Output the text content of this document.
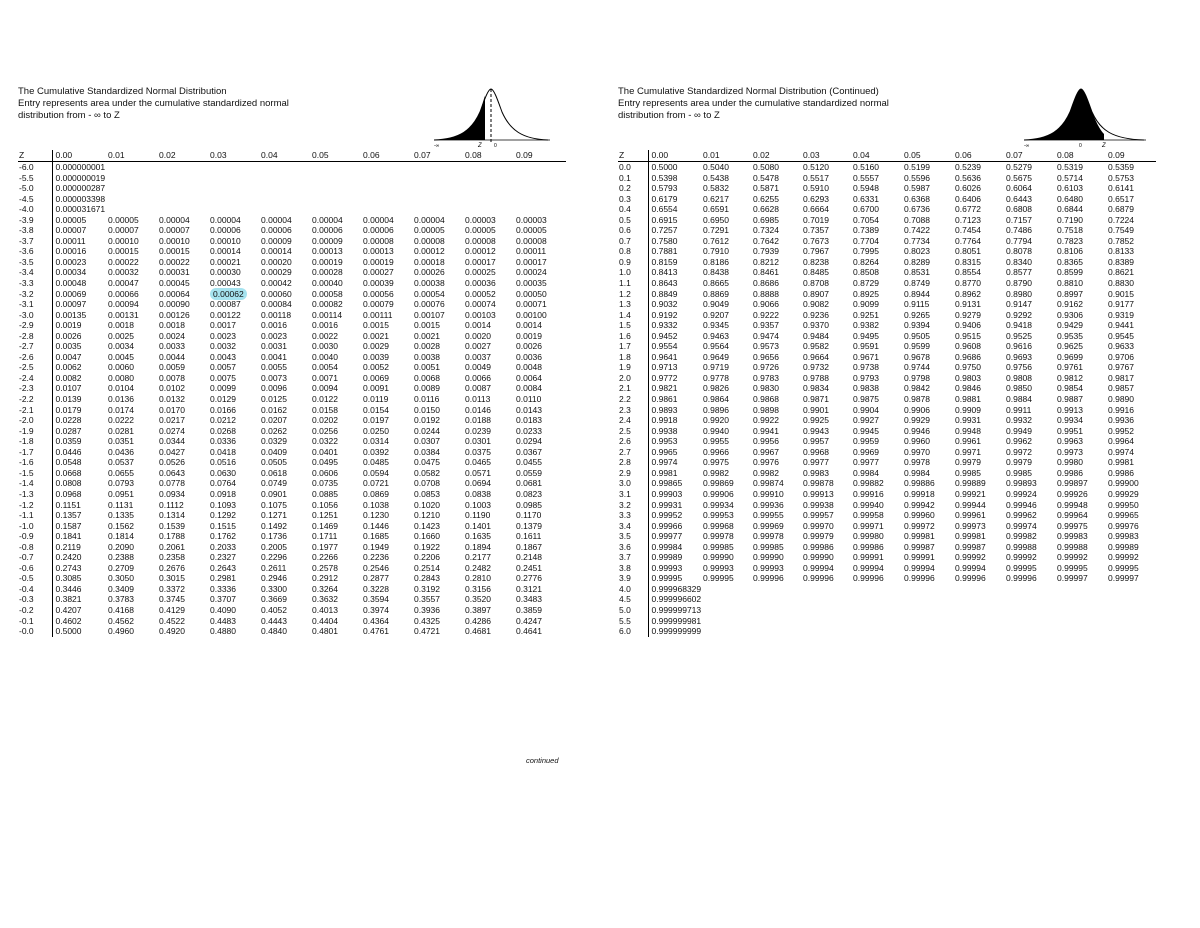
The Cumulative Standardized Normal Distribution
Entry represents area under the cumulative standardized normal
distribution from - ∞ to Z
-∞	Z 0
Z	0.00	0.01	0.02	0.03	0.04	0.05	0.06	0.07	0.08	0.09
-6.0	0.000000001									
-5.5	0.000000019									
-5.0	0.000000287									
-4.5	0.000003398									
-4.0	0.000031671									
-3.9	0.00005	0.00005	0.00004	0.00004	0.00004	0.00004	0.00004	0.00004	0.00003	0.00003
-3.8	0.00007	0.00007	0.00007	0.00006	0.00006	0.00006	0.00006	0.00005	0.00005	0.00005
-3.7	0.00011	0.00010	0.00010	0.00010	0.00009	0.00009	0.00008	0.00008	0.00008	0.00008
-3.6	0.00016	0.00015	0.00015	0.00014	0.00014	0.00013	0.00013	0.00012	0.00012	0.00011
-3.5	0.00023	0.00022	0.00022	0.00021	0.00020	0.00019	0.00019	0.00018	0.00017	0.00017
-3.4	0.00034	0.00032	0.00031	0.00030	0.00029	0.00028	0.00027	0.00026	0.00025	0.00024
-3.3	0.00048	0.00047	0.00045	0.00043	0.00042	0.00040	0.00039	0.00038	0.00036	0.00035
-3.2	0.00069	0.00066	0.00064	0.00062	0.00060	0.00058	0.00056	0.00054	0.00052	0.00050
-3.1	0.00097	0.00094	0.00090	0.00087	0.00084	0.00082	0.00079	0.00076	0.00074	0.00071
-3.0	0.00135	0.00131	0.00126	0.00122	0.00118	0.00114	0.00111	0.00107	0.00103	0.00100
-2.9	0.0019	0.0018	0.0018	0.0017	0.0016	0.0016	0.0015	0.0015	0.0014	0.0014
-2.8	0.0026	0.0025	0.0024	0.0023	0.0023	0.0022	0.0021	0.0021	0.0020	0.0019
-2.7	0.0035	0.0034	0.0033	0.0032	0.0031	0.0030	0.0029	0.0028	0.0027	0.0026
-2.6	0.0047	0.0045	0.0044	0.0043	0.0041	0.0040	0.0039	0.0038	0.0037	0.0036
-2.5	0.0062	0.0060	0.0059	0.0057	0.0055	0.0054	0.0052	0.0051	0.0049	0.0048
-2.4	0.0082	0.0080	0.0078	0.0075	0.0073	0.0071	0.0069	0.0068	0.0066	0.0064
-2.3	0.0107	0.0104	0.0102	0.0099	0.0096	0.0094	0.0091	0.0089	0.0087	0.0084
-2.2	0.0139	0.0136	0.0132	0.0129	0.0125	0.0122	0.0119	0.0116	0.0113	0.0110
-2.1	0.0179	0.0174	0.0170	0.0166	0.0162	0.0158	0.0154	0.0150	0.0146	0.0143
-2.0	0.0228	0.0222	0.0217	0.0212	0.0207	0.0202	0.0197	0.0192	0.0188	0.0183
-1.9	0.0287	0.0281	0.0274	0.0268	0.0262	0.0256	0.0250	0.0244	0.0239	0.0233
-1.8	0.0359	0.0351	0.0344	0.0336	0.0329	0.0322	0.0314	0.0307	0.0301	0.0294
-1.7	0.0446	0.0436	0.0427	0.0418	0.0409	0.0401	0.0392	0.0384	0.0375	0.0367
-1.6	0.0548	0.0537	0.0526	0.0516	0.0505	0.0495	0.0485	0.0475	0.0465	0.0455
-1.5	0.0668	0.0655	0.0643	0.0630	0.0618	0.0606	0.0594	0.0582	0.0571	0.0559
-1.4	0.0808	0.0793	0.0778	0.0764	0.0749	0.0735	0.0721	0.0708	0.0694	0.0681
-1.3	0.0968	0.0951	0.0934	0.0918	0.0901	0.0885	0.0869	0.0853	0.0838	0.0823
-1.2	0.1151	0.1131	0.1112	0.1093	0.1075	0.1056	0.1038	0.1020	0.1003	0.0985
-1.1	0.1357	0.1335	0.1314	0.1292	0.1271	0.1251	0.1230	0.1210	0.1190	0.1170
-1.0	0.1587	0.1562	0.1539	0.1515	0.1492	0.1469	0.1446	0.1423	0.1401	0.1379
-0.9	0.1841	0.1814	0.1788	0.1762	0.1736	0.1711	0.1685	0.1660	0.1635	0.1611
-0.8	0.2119	0.2090	0.2061	0.2033	0.2005	0.1977	0.1949	0.1922	0.1894	0.1867
-0.7	0.2420	0.2388	0.2358	0.2327	0.2296	0.2266	0.2236	0.2206	0.2177	0.2148
-0.6	0.2743	0.2709	0.2676	0.2643	0.2611	0.2578	0.2546	0.2514	0.2482	0.2451
-0.5	0.3085	0.3050	0.3015	0.2981	0.2946	0.2912	0.2877	0.2843	0.2810	0.2776
-0.4	0.3446	0.3409	0.3372	0.3336	0.3300	0.3264	0.3228	0.3192	0.3156	0.3121
-0.3	0.3821	0.3783	0.3745	0.3707	0.3669	0.3632	0.3594	0.3557	0.3520	0.3483
-0.2	0.4207	0.4168	0.4129	0.4090	0.4052	0.4013	0.3974	0.3936	0.3897	0.3859
-0.1	0.4602	0.4562	0.4522	0.4483	0.4443	0.4404	0.4364	0.4325	0.4286	0.4247
-0.0	0.5000	0.4960	0.4920	0.4880	0.4840	0.4801	0.4761	0.4721	0.4681	0.4641
continued
The Cumulative Standardized Normal Distribution (Continued)
Entry represents area under the cumulative standardized normal
distribution from - ∞ to Z
-∞	0	Z
Z	0.00	0.01	0.02	0.03	0.04	0.05	0.06	0.07	0.08	0.09
0.0	0.5000	0.5040	0.5080	0.5120	0.5160	0.5199	0.5239	0.5279	0.5319	0.5359
0.1	0.5398	0.5438	0.5478	0.5517	0.5557	0.5596	0.5636	0.5675	0.5714	0.5753
0.2	0.5793	0.5832	0.5871	0.5910	0.5948	0.5987	0.6026	0.6064	0.6103	0.6141
0.3	0.6179	0.6217	0.6255	0.6293	0.6331	0.6368	0.6406	0.6443	0.6480	0.6517
0.4	0.6554	0.6591	0.6628	0.6664	0.6700	0.6736	0.6772	0.6808	0.6844	0.6879
0.5	0.6915	0.6950	0.6985	0.7019	0.7054	0.7088	0.7123	0.7157	0.7190	0.7224
0.6	0.7257	0.7291	0.7324	0.7357	0.7389	0.7422	0.7454	0.7486	0.7518	0.7549
0.7	0.7580	0.7612	0.7642	0.7673	0.7704	0.7734	0.7764	0.7794	0.7823	0.7852
0.8	0.7881	0.7910	0.7939	0.7967	0.7995	0.8023	0.8051	0.8078	0.8106	0.8133
0.9	0.8159	0.8186	0.8212	0.8238	0.8264	0.8289	0.8315	0.8340	0.8365	0.8389
1.0	0.8413	0.8438	0.8461	0.8485	0.8508	0.8531	0.8554	0.8577	0.8599	0.8621
1.1	0.8643	0.8665	0.8686	0.8708	0.8729	0.8749	0.8770	0.8790	0.8810	0.8830
1.2	0.8849	0.8869	0.8888	0.8907	0.8925	0.8944	0.8962	0.8980	0.8997	0.9015
1.3	0.9032	0.9049	0.9066	0.9082	0.9099	0.9115	0.9131	0.9147	0.9162	0.9177
1.4	0.9192	0.9207	0.9222	0.9236	0.9251	0.9265	0.9279	0.9292	0.9306	0.9319
1.5	0.9332	0.9345	0.9357	0.9370	0.9382	0.9394	0.9406	0.9418	0.9429	0.9441
1.6	0.9452	0.9463	0.9474	0.9484	0.9495	0.9505	0.9515	0.9525	0.9535	0.9545
1.7	0.9554	0.9564	0.9573	0.9582	0.9591	0.9599	0.9608	0.9616	0.9625	0.9633
1.8	0.9641	0.9649	0.9656	0.9664	0.9671	0.9678	0.9686	0.9693	0.9699	0.9706
1.9	0.9713	0.9719	0.9726	0.9732	0.9738	0.9744	0.9750	0.9756	0.9761	0.9767
2.0	0.9772	0.9778	0.9783	0.9788	0.9793	0.9798	0.9803	0.9808	0.9812	0.9817
2.1	0.9821	0.9826	0.9830	0.9834	0.9838	0.9842	0.9846	0.9850	0.9854	0.9857
2.2	0.9861	0.9864	0.9868	0.9871	0.9875	0.9878	0.9881	0.9884	0.9887	0.9890
2.3	0.9893	0.9896	0.9898	0.9901	0.9904	0.9906	0.9909	0.9911	0.9913	0.9916
2.4	0.9918	0.9920	0.9922	0.9925	0.9927	0.9929	0.9931	0.9932	0.9934	0.9936
2.5	0.9938	0.9940	0.9941	0.9943	0.9945	0.9946	0.9948	0.9949	0.9951	0.9952
2.6	0.9953	0.9955	0.9956	0.9957	0.9959	0.9960	0.9961	0.9962	0.9963	0.9964
2.7	0.9965	0.9966	0.9967	0.9968	0.9969	0.9970	0.9971	0.9972	0.9973	0.9974
2.8	0.9974	0.9975	0.9976	0.9977	0.9977	0.9978	0.9979	0.9979	0.9980	0.9981
2.9	0.9981	0.9982	0.9982	0.9983	0.9984	0.9984	0.9985	0.9985	0.9986	0.9986
3.0	0.99865	0.99869	0.99874	0.99878	0.99882	0.99886	0.99889	0.99893	0.99897	0.99900
3.1	0.99903	0.99906	0.99910	0.99913	0.99916	0.99918	0.99921	0.99924	0.99926	0.99929
3.2	0.99931	0.99934	0.99936	0.99938	0.99940	0.99942	0.99944	0.99946	0.99948	0.99950
3.3	0.99952	0.99953	0.99955	0.99957	0.99958	0.99960	0.99961	0.99962	0.99964	0.99965
3.4	0.99966	0.99968	0.99969	0.99970	0.99971	0.99972	0.99973	0.99974	0.99975	0.99976
3.5	0.99977	0.99978	0.99978	0.99979	0.99980	0.99981	0.99981	0.99982	0.99983	0.99983
3.6	0.99984	0.99985	0.99985	0.99986	0.99986	0.99987	0.99987	0.99988	0.99988	0.99989
3.7	0.99989	0.99990	0.99990	0.99990	0.99991	0.99991	0.99992	0.99992	0.99992	0.99992
3.8	0.99993	0.99993	0.99993	0.99994	0.99994	0.99994	0.99994	0.99995	0.99995	0.99995
3.9	0.99995	0.99995	0.99996	0.99996	0.99996	0.99996	0.99996	0.99996	0.99997	0.99997
4.0	0.999968329									
4.5	0.999996602									
5.0	0.999999713									
5.5	0.999999981									
6.0	0.999999999									
